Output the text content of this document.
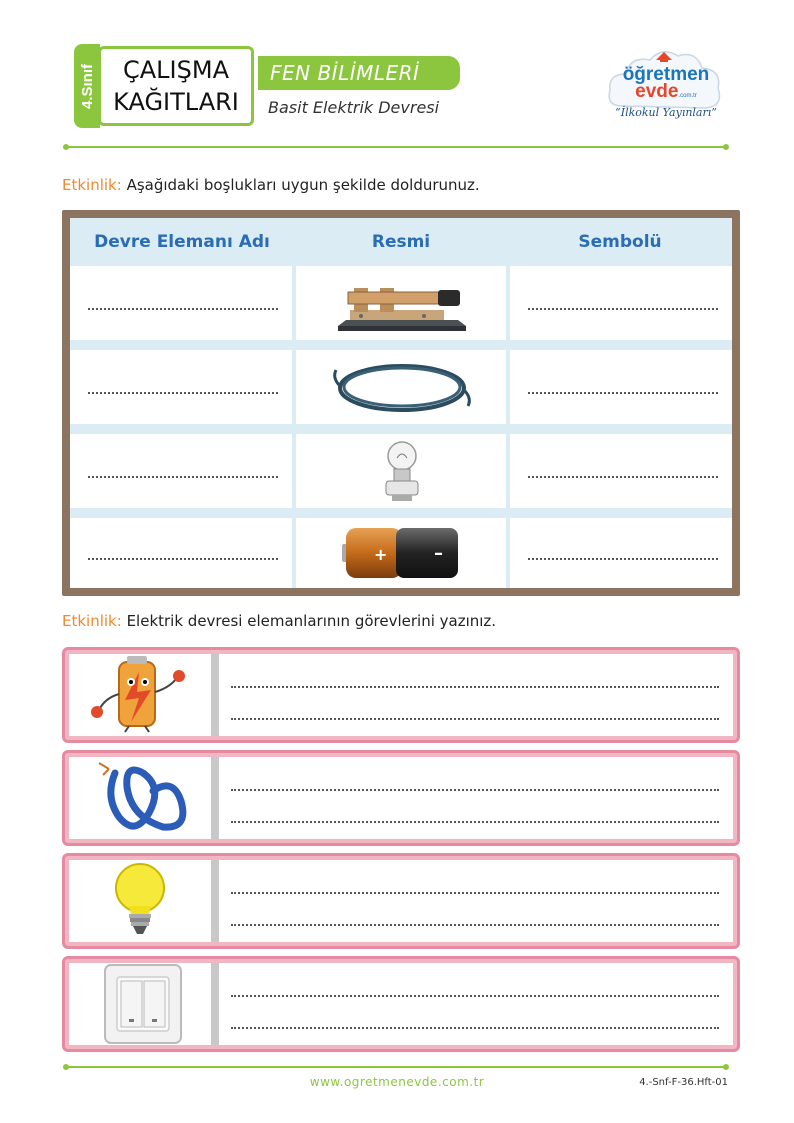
4.Sınıf ÇALIŞMA
KAĞITLARI
FEN BİLİMLERİ
Basit Elektrik Devresi
öğretmen
evde.com.tr
“İlkokul Yayınları”
Etkinlik: Aşağıdaki boşlukları uygun şekilde doldurunuz.
Devre Elemanı Adı	Resmi	Sembolü
+	–
Etkinlik: Elektrik devresi elemanlarının görevlerini yazınız.
www.ogretmenevde.com.tr	4.-Snf-F-36.Hft-01
